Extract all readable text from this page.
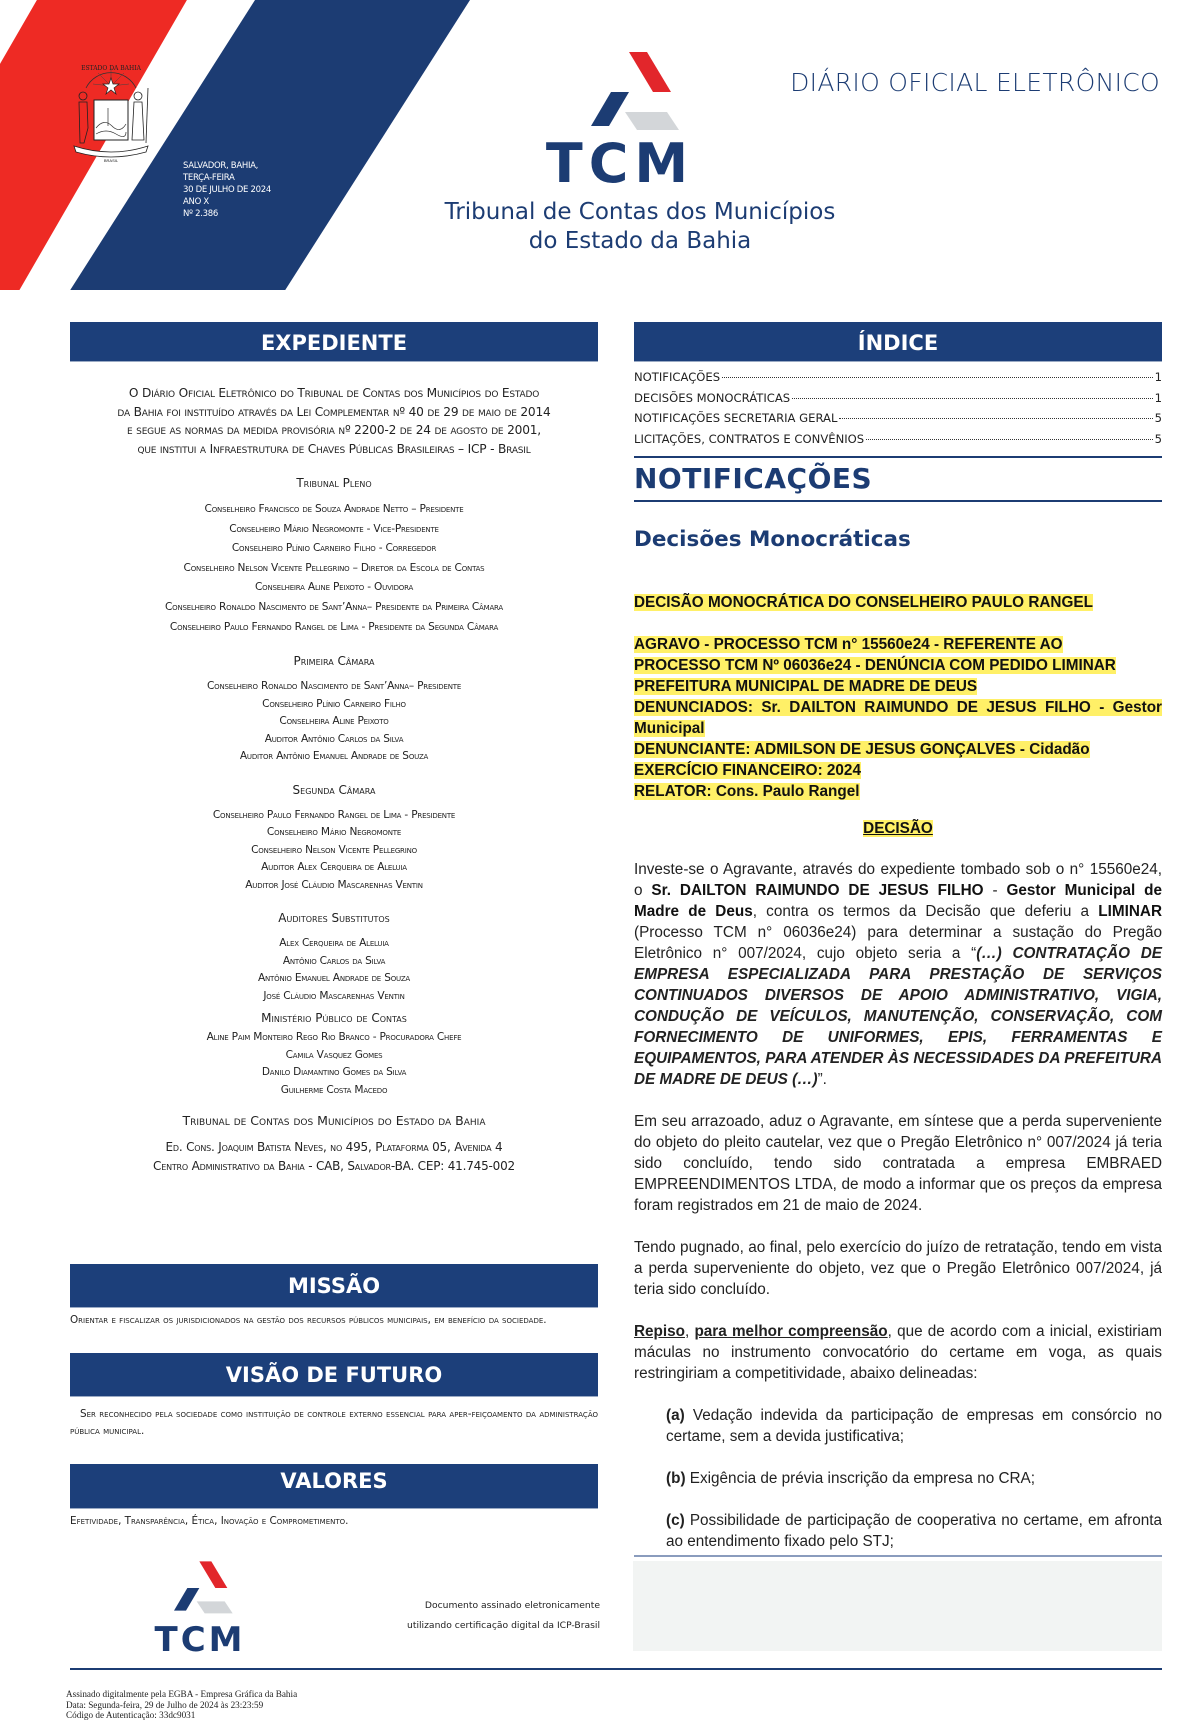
ESTADO DA BAHIA
BRASIL
SALVADOR, BAHIA,
TERÇA-FEIRA
30 DE JULHO DE 2024
ANO X
Nº 2.386
TCM
Tribunal de Contas dos Municípios
do Estado da Bahia
DIÁRIO OFICIAL ELETRÔNICO
EXPEDIENTE
O Diário Oficial Eletrônico do Tribunal de Contas dos Municípios do Estado
da Bahia foi instituído através da Lei Complementar nº 40 de 29 de maio de 2014
e segue as normas da medida provisória nº 2200-2 de 24 de agosto de 2001,
que institui a Infraestrutura de Chaves Públicas Brasileiras – ICP - Brasil
Tribunal Pleno
Conselheiro Francisco de Souza Andrade Netto – Presidente
Conselheiro Mário Negromonte - Vice-Presidente
Conselheiro Plínio Carneiro Filho - Corregedor
Conselheiro Nelson Vicente Pellegrino – Diretor da Escola de Contas
Conselheira Aline Peixoto - Ouvidora
Conselheiro Ronaldo Nascimento de Sant’Anna– Presidente da Primeira Câmara
Conselheiro Paulo Fernando Rangel de Lima - Presidente da Segunda Câmara
Primeira Câmara
Conselheiro Ronaldo Nascimento de Sant’Anna– Presidente
Conselheiro Plínio Carneiro Filho
Conselheira Aline Peixoto
Auditor Antônio Carlos da Silva
Auditor Antônio Emanuel Andrade de Souza
Segunda Câmara
Conselheiro Paulo Fernando Rangel de Lima - Presidente
Conselheiro Mário Negromonte
Conselheiro Nelson Vicente Pellegrino
Auditor Alex Cerqueira de Aleluia
Auditor José Cláudio Mascarenhas Ventin
Auditores Substitutos
Alex Cerqueira de Aleluia
Antônio Carlos da Silva
Antônio Emanuel Andrade de Souza
José Cláudio Mascarenhas Ventin
Ministério Público de Contas
Aline Paim Monteiro Rego Rio Branco - Procuradora Chefe
Camila Vasquez Gomes
Danilo Diamantino Gomes da Silva
Guilherme Costa Macedo
Tribunal de Contas dos Municípios do Estado da Bahia
Ed. Cons. Joaquim Batista Neves, no 495, Plataforma 05, Avenida 4
Centro Administrativo da Bahia - CAB, Salvador-BA. CEP: 41.745-002
MISSÃO
Orientar e fiscalizar os jurisdicionados na gestão dos recursos públicos municipais, em benefício da sociedade.
VISÃO DE FUTURO
Ser reconhecido pela sociedade como instituição de controle externo essencial para aper-feiçoamento da administração pública municipal.
VALORES
Efetividade, Transparência, Ética, Inovação e Comprometimento.
ÍNDICE
NOTIFICAÇÕES	1
DECISÕES MONOCRÁTICAS	1
NOTIFICAÇÕES SECRETARIA GERAL	5
LICITAÇÕES, CONTRATOS E CONVÊNIOS	5
NOTIFICAÇÕES
Decisões Monocráticas
DECISÃO MONOCRÁTICA DO CONSELHEIRO PAULO RANGEL
AGRAVO - PROCESSO TCM n° 15560e24 - REFERENTE AO
PROCESSO TCM Nº 06036e24 - DENÚNCIA COM PEDIDO LIMINAR
PREFEITURA MUNICIPAL DE MADRE DE DEUS
DENUNCIADOS: Sr. DAILTON RAIMUNDO DE JESUS FILHO - Gestor Municipal
DENUNCIANTE: ADMILSON DE JESUS GONÇALVES - Cidadão
EXERCÍCIO FINANCEIRO: 2024
RELATOR: Cons. Paulo Rangel
DECISÃO
Investe-se o Agravante, através do expediente tombado sob o n° 15560e24, o Sr. DAILTON RAIMUNDO DE JESUS FILHO - Gestor Municipal de Madre de Deus, contra os termos da Decisão que deferiu a LIMINAR (Processo TCM n° 06036e24) para determinar a sustação do Pregão Eletrônico n° 007/2024, cujo objeto seria a “(…) CONTRATAÇÃO DE EMPRESA ESPECIALIZADA PARA PRESTAÇÃO DE SERVIÇOS CONTINUADOS DIVERSOS DE APOIO ADMINISTRATIVO, VIGIA, CONDUÇÃO DE VEÍCULOS, MANUTENÇÃO, CONSERVAÇÃO, COM FORNECIMENTO DE UNIFORMES, EPIS, FERRAMENTAS E EQUIPAMENTOS, PARA ATENDER ÀS NECESSIDADES DA PREFEITURA DE MADRE DE DEUS (…)”.
Em seu arrazoado, aduz o Agravante, em síntese que a perda superveniente do objeto do pleito cautelar, vez que o Pregão Eletrônico n° 007/2024 já teria sido concluído, tendo sido contratada a empresa EMBRAED EMPREENDIMENTOS LTDA, de modo a informar que os preços da empresa foram registrados em 21 de maio de 2024.
Tendo pugnado, ao final, pelo exercício do juízo de retratação, tendo em vista a perda superveniente do objeto, vez que o Pregão Eletrônico 007/2024, já teria sido concluído.
Repiso, para melhor compreensão, que de acordo com a inicial, existiriam máculas no instrumento convocatório do certame em voga, as quais restringiriam a competitividade, abaixo delineadas:
(a) Vedação indevida da participação de empresas em consórcio no certame, sem a devida justificativa;
(b) Exigência de prévia inscrição da empresa no CRA;
(c) Possibilidade de participação de cooperativa no certame, em afronta ao entendimento fixado pelo STJ;
TCM
Documento assinado eletronicamente
utilizando certificação digital da ICP-Brasil
Assinado digitalmente pela EGBA - Empresa Gráfica da Bahia
Data: Segunda-feira, 29 de Julho de 2024 às 23:23:59
Código de Autenticação: 33dc9031
